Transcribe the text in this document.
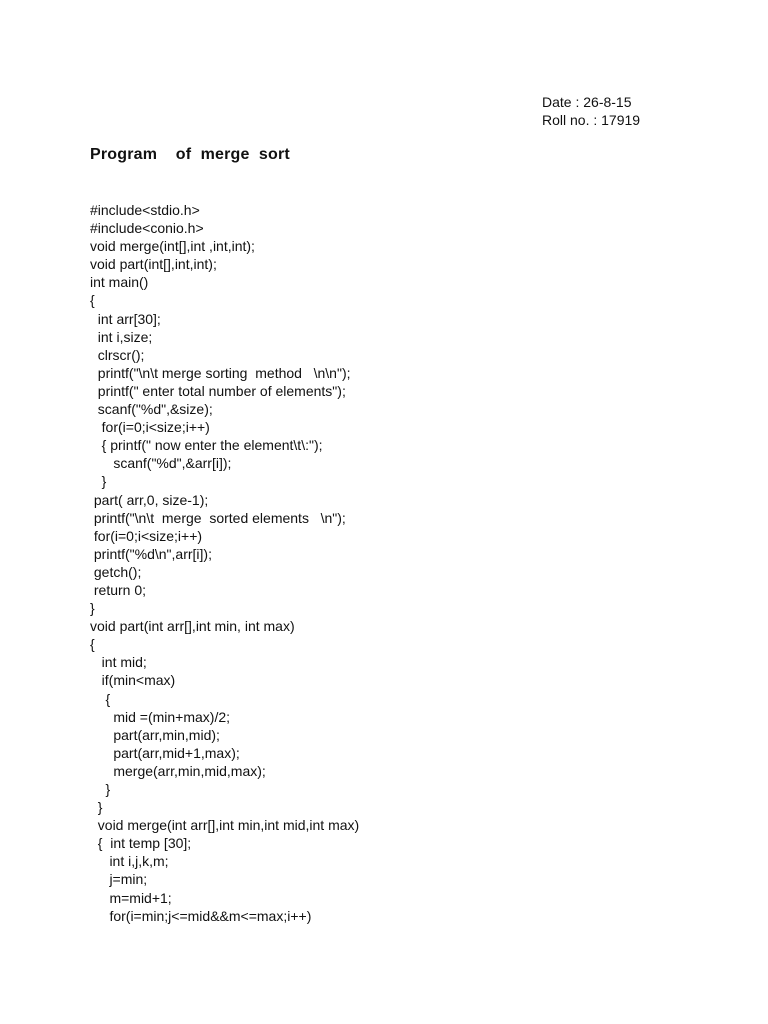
Date : 26-8-15
Roll no. : 17919
Program    of  merge  sort
#include<stdio.h>
#include<conio.h>
void merge(int[],int ,int,int);
void part(int[],int,int);
int main()
{
int arr[30];
int i,size;
clrscr();
printf("\n\t merge sorting  method   \n\n");
printf(" enter total number of elements");
scanf("%d",&size);
for(i=0;i<size;i++)
{ printf(" now enter the element\t\:");
scanf("%d",&arr[i]);
}
part( arr,0, size-1);
printf("\n\t  merge  sorted elements   \n");
for(i=0;i<size;i++)
printf("%d\n",arr[i]);
getch();
return 0;
}
void part(int arr[],int min, int max)
{
int mid;
if(min<max)
{
mid =(min+max)/2;
part(arr,min,mid);
part(arr,mid+1,max);
merge(arr,min,mid,max);
}
}
void merge(int arr[],int min,int mid,int max)
{  int temp [30];
int i,j,k,m;
j=min;
m=mid+1;
for(i=min;j<=mid&&m<=max;i++)
